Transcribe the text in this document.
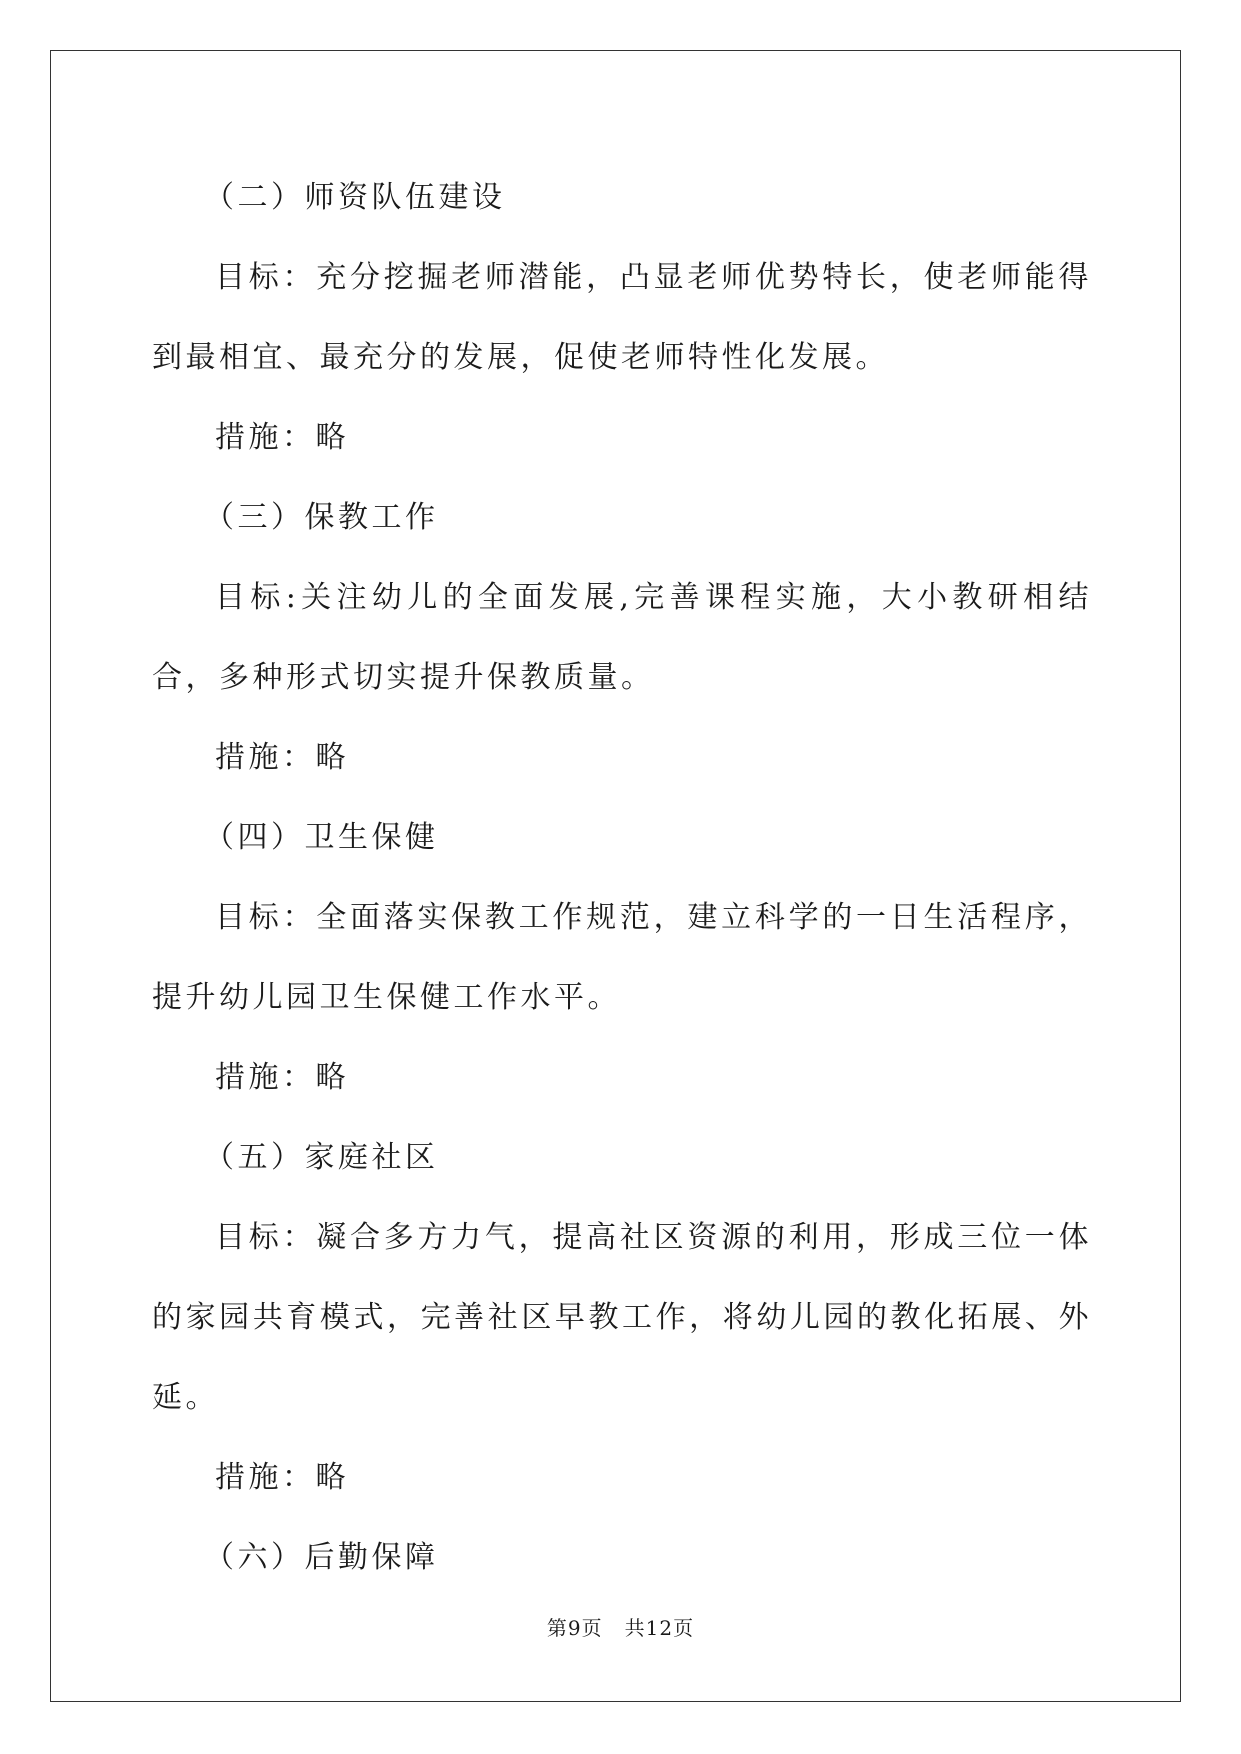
（二）师资队伍建设

目标：充分挖掘老师潜能，凸显老师优势特长，使老师能得到最相宜、最充分的发展，促使老师特性化发展。

措施：略

（三）保教工作

目标:关注幼儿的全面发展,完善课程实施，大小教研相结合，多种形式切实提升保教质量。

措施：略

（四）卫生保健

目标：全面落实保教工作规范，建立科学的一日生活程序，提升幼儿园卫生保健工作水平。

措施：略

（五）家庭社区

目标：凝合多方力气，提高社区资源的利用，形成三位一体的家园共育模式，完善社区早教工作，将幼儿园的教化拓展、外延。

措施：略

（六）后勤保障

第9页 共12页
